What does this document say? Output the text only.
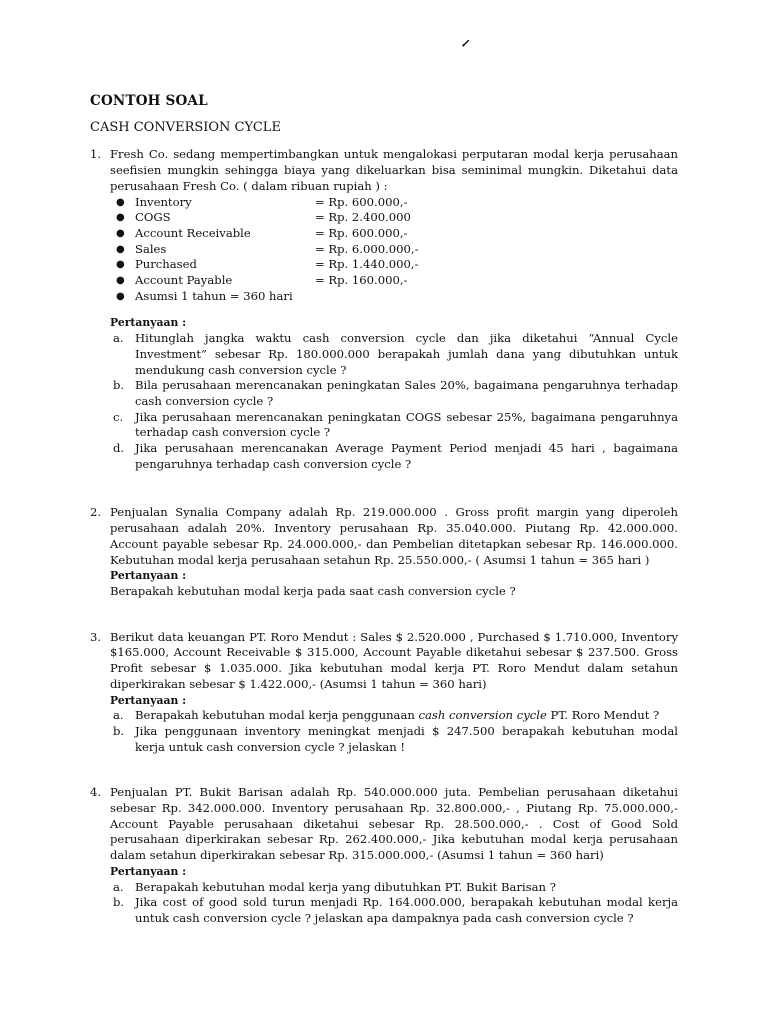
CONTOH SOAL
CASH CONVERSION CYCLE
1. Fresh Co. sedang mempertimbangkan untuk mengalokasi perputaran modal kerja perusahaan seefisien mungkin sehingga biaya yang dikeluarkan bisa seminimal mungkin. Diketahui data perusahaan Fresh Co. ( dalam ribuan rupiah ) :
● Inventory	= Rp. 600.000,-
● COGS	= Rp. 2.400.000
● Account Receivable	= Rp. 600.000,-
● Sales	= Rp. 6.000.000,-
● Purchased	= Rp. 1.440.000,-
● Account Payable	= Rp. 160.000,-
● Asumsi 1 tahun = 360 hari
Pertanyaan :
a. Hitunglah jangka waktu cash conversion cycle dan jika diketahui “Annual Cycle Investment” sebesar Rp. 180.000.000 berapakah jumlah dana yang dibutuhkan untuk mendukung cash conversion cycle ?
b. Bila perusahaan merencanakan peningkatan Sales 20%, bagaimana pengaruhnya terhadap cash conversion cycle ?
c. Jika perusahaan merencanakan peningkatan COGS sebesar 25%, bagaimana pengaruhnya terhadap cash conversion cycle ?
d. Jika perusahaan merencanakan Average Payment Period menjadi 45 hari , bagaimana pengaruhnya terhadap cash conversion cycle ?
2. Penjualan Synalia Company adalah Rp. 219.000.000 . Gross profit margin yang diperoleh perusahaan adalah 20%. Inventory perusahaan Rp. 35.040.000. Piutang Rp. 42.000.000. Account payable sebesar Rp. 24.000.000,- dan Pembelian ditetapkan sebesar Rp. 146.000.000. Kebutuhan modal kerja perusahaan setahun Rp. 25.550.000,- ( Asumsi 1 tahun = 365 hari )
Pertanyaan :
Berapakah kebutuhan modal kerja pada saat cash conversion cycle ?
3. Berikut data keuangan PT. Roro Mendut : Sales $ 2.520.000 , Purchased $ 1.710.000, Inventory $165.000, Account Receivable $ 315.000, Account Payable diketahui sebesar $ 237.500. Gross Profit sebesar $ 1.035.000. Jika kebutuhan modal kerja PT. Roro Mendut dalam setahun diperkirakan sebesar $ 1.422.000,- (Asumsi 1 tahun = 360 hari)
Pertanyaan :
a. Berapakah kebutuhan modal kerja penggunaan cash conversion cycle PT. Roro Mendut ?
b. Jika penggunaan inventory meningkat menjadi $ 247.500 berapakah kebutuhan modal kerja untuk cash conversion cycle ? jelaskan !
4. Penjualan PT. Bukit Barisan adalah Rp. 540.000.000 juta. Pembelian perusahaan diketahui sebesar Rp. 342.000.000. Inventory perusahaan Rp. 32.800.000,- , Piutang Rp. 75.000.000,- Account Payable perusahaan diketahui sebesar Rp. 28.500.000,- . Cost of Good Sold perusahaan diperkirakan sebesar Rp. 262.400.000,- Jika kebutuhan modal kerja perusahaan dalam setahun diperkirakan sebesar Rp. 315.000.000,- (Asumsi 1 tahun = 360 hari)
Pertanyaan :
a. Berapakah kebutuhan modal kerja yang dibutuhkan PT. Bukit Barisan ?
b. Jika cost of good sold turun menjadi Rp. 164.000.000, berapakah kebutuhan modal kerja untuk cash conversion cycle ? jelaskan apa dampaknya pada cash conversion cycle ?
